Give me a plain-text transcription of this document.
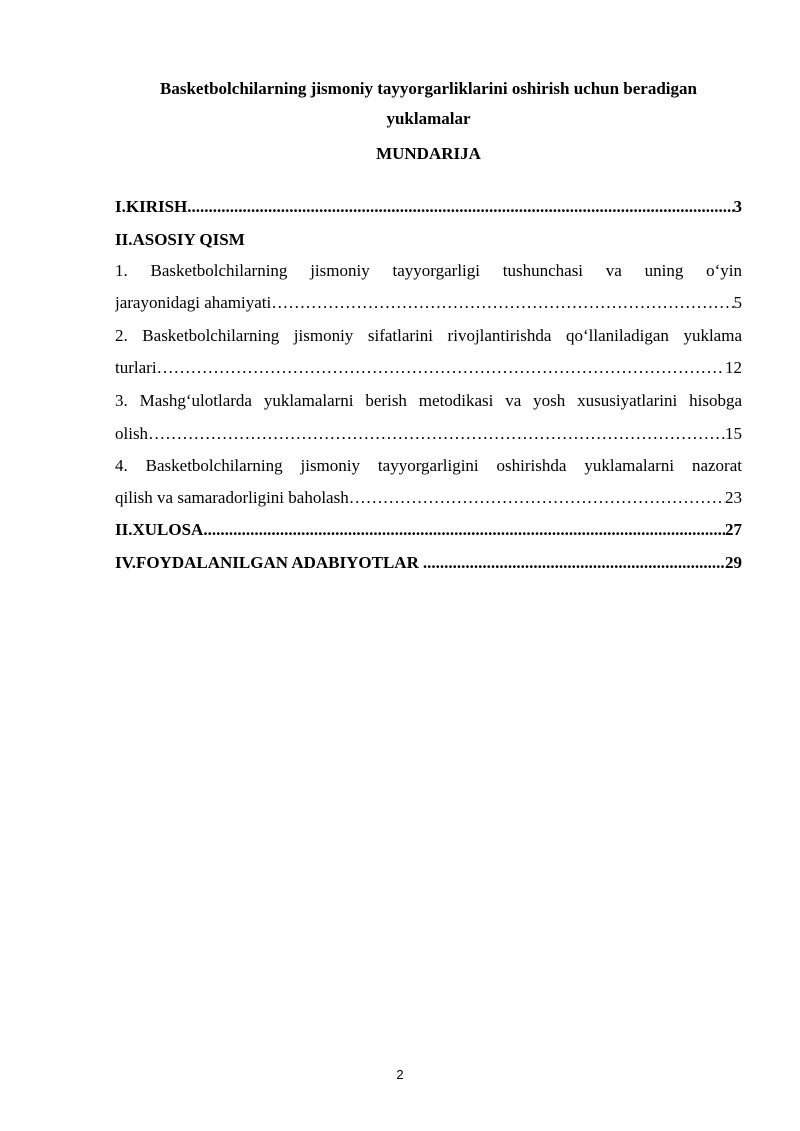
Basketbolchilarning jismoniy tayyorgarliklarini oshirish uchun beradigan
yuklamalar
MUNDARIJA
I.KIRISH .....	3
II.ASOSIY QISM
1. Basketbolchilarning jismoniy tayyorgarligi tushunchasi va uning o‘yin
jarayonidagi ahamiyati ……………………………………………………………………………………………………………………………………………………………………	5
2. Basketbolchilarning jismoniy sifatlarini rivojlantirishda qo‘llaniladigan yuklama
turlari ……………………………………………………………………………………………………………………………………………………………………	12
3. Mashg‘ulotlarda yuklamalarni berish metodikasi va yosh xususiyatlarini hisobga
olish ……………………………………………………………………………………………………………………………………………………………………	15
4. Basketbolchilarning jismoniy tayyorgarligini oshirishda yuklamalarni nazorat
qilish va samaradorligini baholash ……………………………………………………………………………………………………………………………………………………………………	23
II.XULOSA .....	27
IV.FOYDALANILGAN ADABIYOTLAR .....	29
2
